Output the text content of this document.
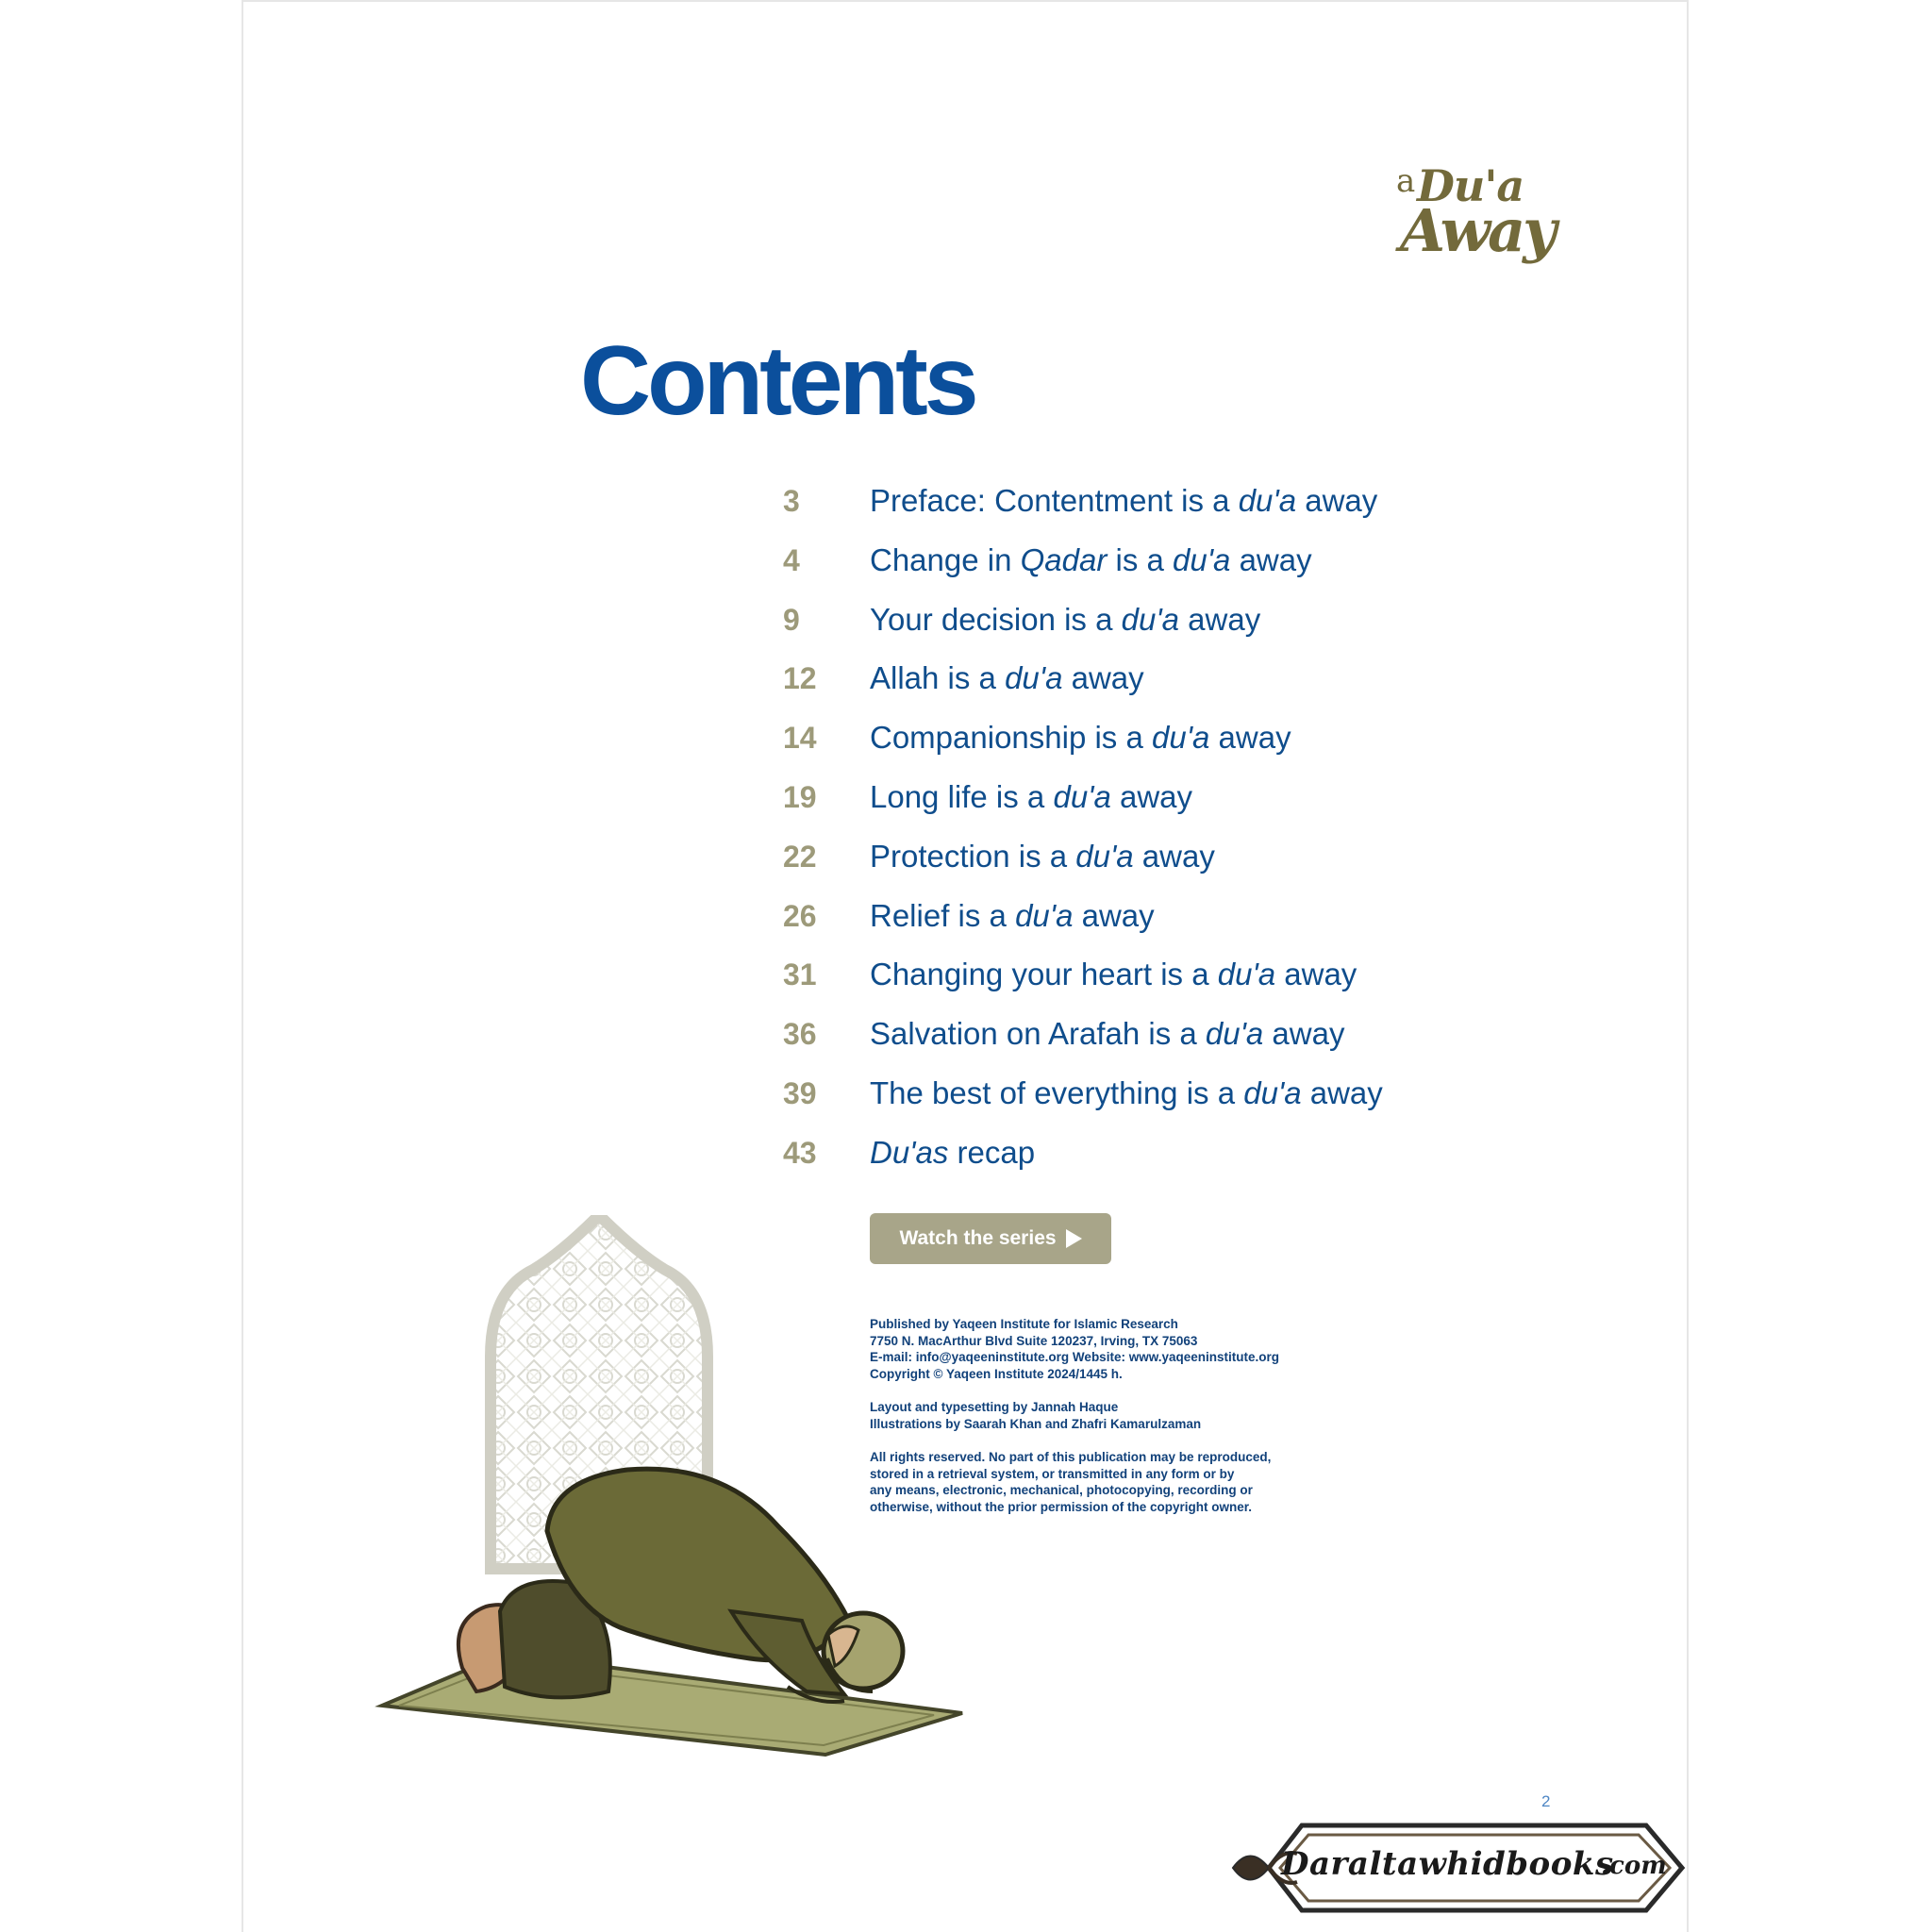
a Du'a
Away
Contents
3	Preface: Contentment is a du'a away
4	Change in Qadar is a du'a away
9	Your decision is a du'a away
12	Allah is a du'a away
14	Companionship is a du'a away
19	Long life is a du'a away
22	Protection is a du'a away
26	Relief is a du'a away
31	Changing your heart is a du'a away
36	Salvation on Arafah is a du'a away
39	The best of everything is a du'a away
43	Du'as recap
Watch the series
Published by Yaqeen Institute for Islamic Research
7750 N. MacArthur Blvd Suite 120237, Irving, TX 75063
E-mail: info@yaqeeninstitute.org Website: www.yaqeeninstitute.org
Copyright © Yaqeen Institute 2024/1445 h.
Layout and typesetting by Jannah Haque
Illustrations by Saarah Khan and Zhafri Kamarulzaman
All rights reserved. No part of this publication may be reproduced,
stored in a retrieval system, or transmitted in any form or by
any means, electronic, mechanical, photocopying, recording or
otherwise, without the prior permission of the copyright owner.
2
Daraltawhidbooks
.com
